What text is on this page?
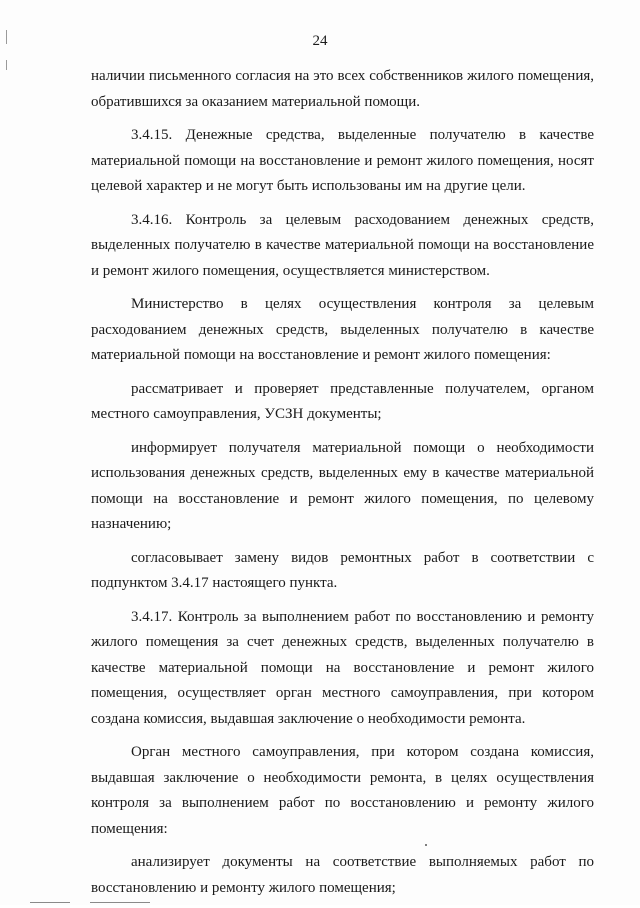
24

наличии письменного согласия на это всех собственников жилого помещения, обратившихся за оказанием материальной помощи.

3.4.15. Денежные средства, выделенные получателю в качестве материальной помощи на восстановление и ремонт жилого помещения, носят целевой характер и не могут быть использованы им на другие цели.

3.4.16. Контроль за целевым расходованием денежных средств, выделенных получателю в качестве материальной помощи на восстановление и ремонт жилого помещения, осуществляется министерством.

Министерство в целях осуществления контроля за целевым расходованием денежных средств, выделенных получателю в качестве материальной помощи на восстановление и ремонт жилого помещения:

рассматривает и проверяет представленные получателем, органом местного самоуправления, УСЗН документы;

информирует получателя материальной помощи о необходимости использования денежных средств, выделенных ему в качестве материальной помощи на восстановление и ремонт жилого помещения, по целевому назначению;

согласовывает замену видов ремонтных работ в соответствии с подпунктом 3.4.17 настоящего пункта.

3.4.17. Контроль за выполнением работ по восстановлению и ремонту жилого помещения за счет денежных средств, выделенных получателю в качестве материальной помощи на восстановление и ремонт жилого помещения, осуществляет орган местного самоуправления, при котором создана комиссия, выдавшая заключение о необходимости ремонта.

Орган местного самоуправления, при котором создана комиссия, выдавшая заключение о необходимости ремонта, в целях осуществления контроля за выполнением работ по восстановлению и ремонту жилого помещения:

анализирует документы на соответствие выполняемых работ по восстановлению и ремонту жилого помещения;
